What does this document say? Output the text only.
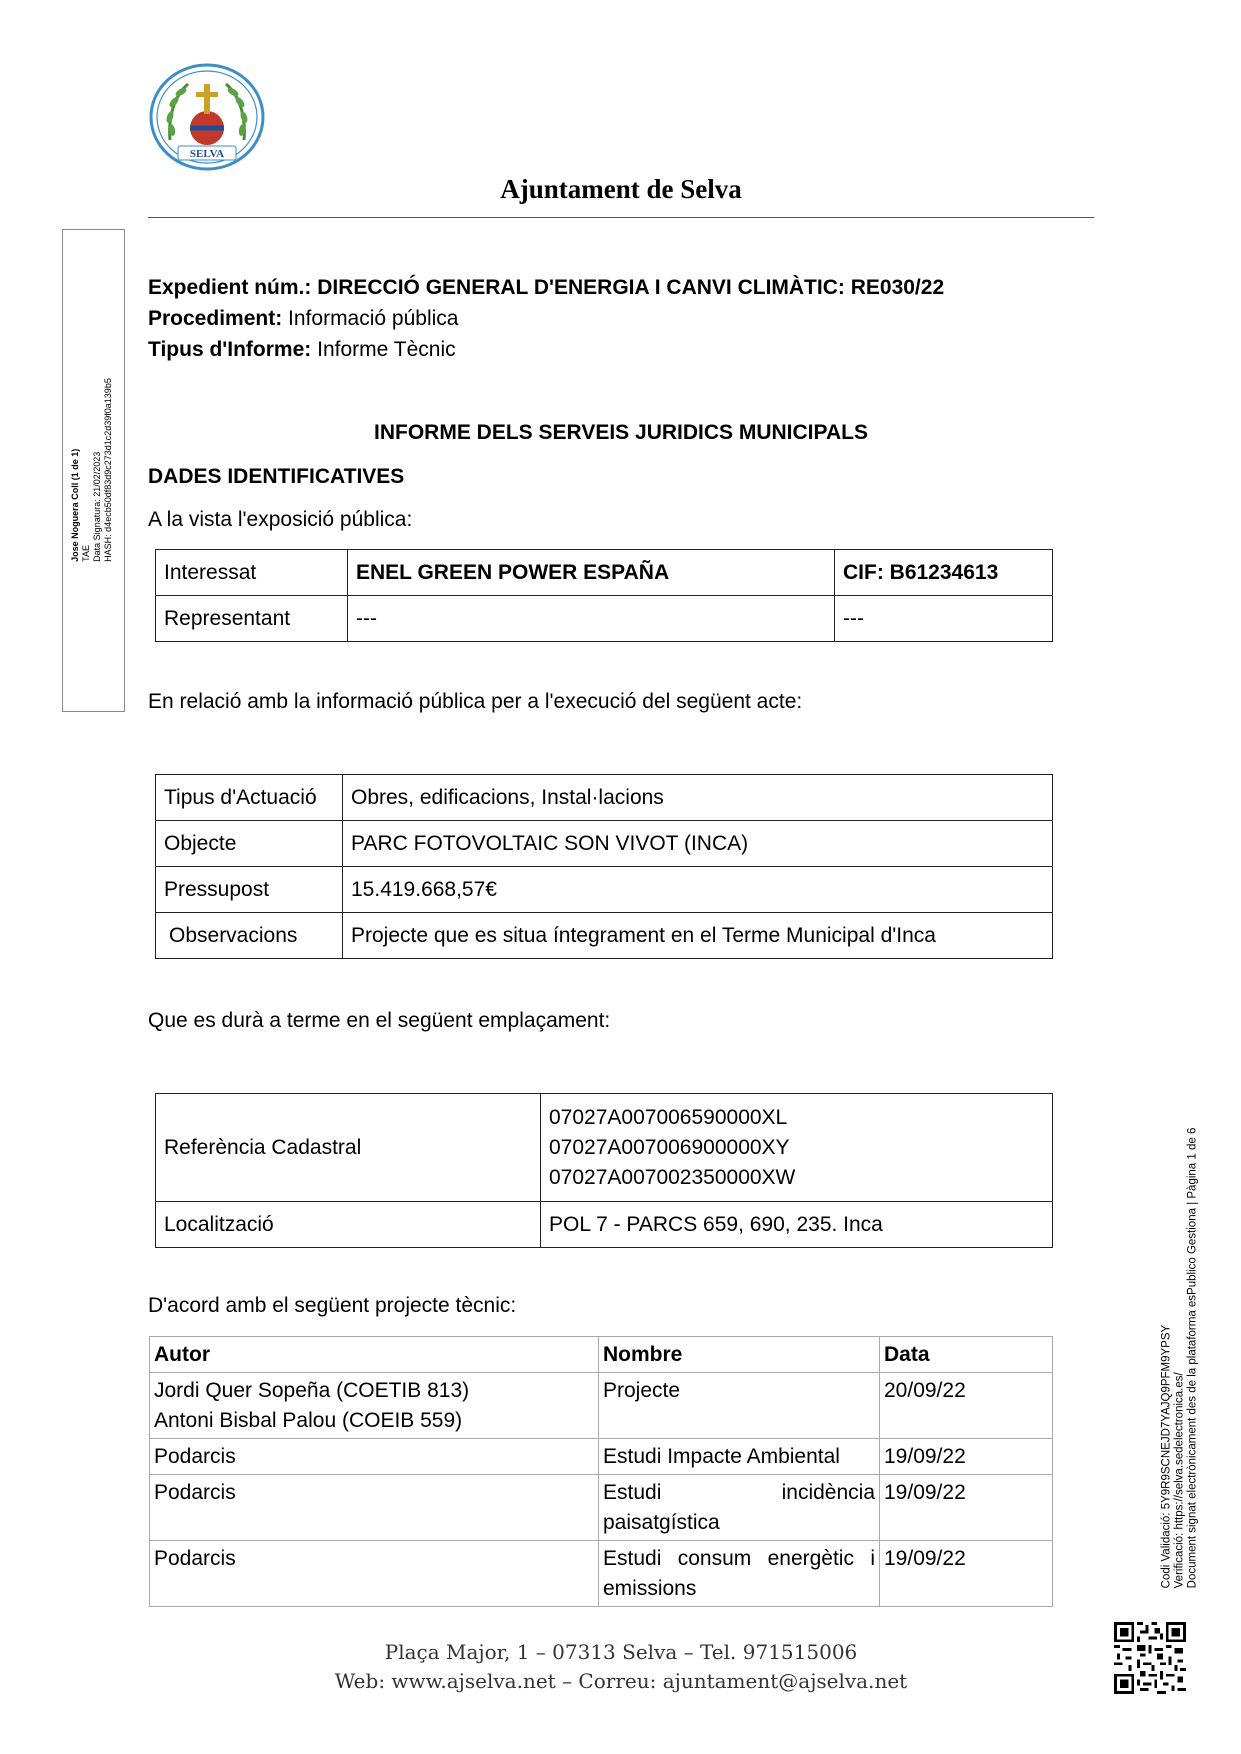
SELVA
Ajuntament de Selva
Jose Noguera Coll (1 de 1) TAE Data Signatura: 21/02/2023 HASH: d4ecb50df83d9c273d1c2d39f0a139b5
Codi Validació: 5Y9R9SCNEJD7YAJQ9PFM9YPSY Verificació: https://selva.sedelectronica.es/ Document signat electrònicament des de la plataforma esPublico Gestiona | Pàgina 1 de 6
Expedient núm.: DIRECCIÓ GENERAL D'ENERGIA I CANVI CLIMÀTIC: RE030/22
Procediment: Informació pública
Tipus d'Informe: Informe Tècnic
INFORME DELS SERVEIS JURIDICS MUNICIPALS
DADES IDENTIFICATIVES
A la vista l'exposició pública:
Interessat	ENEL GREEN POWER ESPAÑA	CIF: B61234613
Representant	---	---
En relació amb la informació pública per a l'execució del següent acte:
Tipus d'Actuació	Obres, edificacions, Instal·lacions
Objecte	PARC FOTOVOLTAIC SON VIVOT (INCA)
Pressupost	15.419.668,57€
Observacions	Projecte que es situa íntegrament en el Terme Municipal d'Inca
Que es durà a terme en el següent emplaçament:
Referència Cadastral	07027A007006590000XL
07027A007006900000XY
07027A007002350000XW

Localització	POL 7 - PARCS 659, 690, 235. Inca
D'acord amb el següent projecte tècnic:
Autor	Nombre	Data

Jordi Quer Sopeña (COETIB 813)
Antoni Bisbal Palou (COEIB 559)	Projecte	20/09/22
Podarcis	Estudi Impacte Ambiental	19/09/22
Podarcis	Estudi incidència paisatgística	19/09/22
Podarcis	Estudi consum energètic i emissions	19/09/22
Plaça Major, 1 – 07313 Selva – Tel. 971515006
Web: www.ajselva.net – Correu: ajuntament@ajselva.net
